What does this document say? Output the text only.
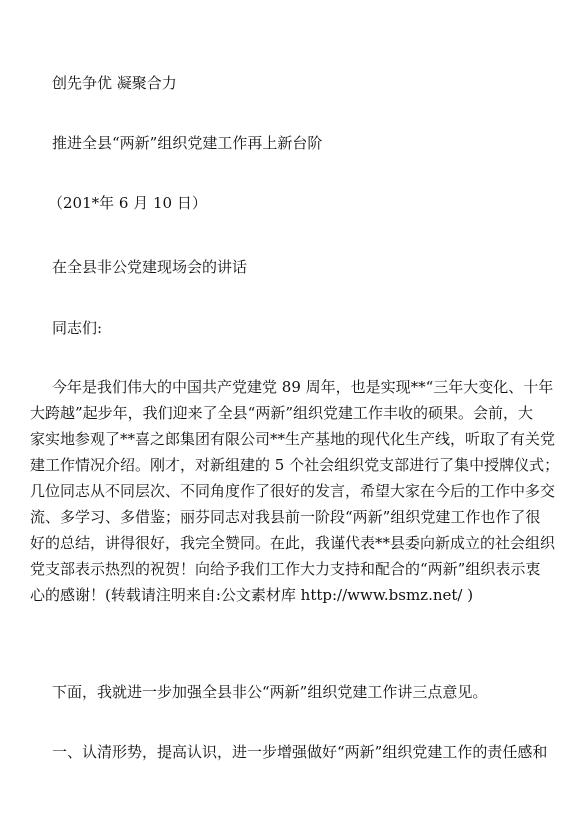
创先争优 凝聚合力
推进全县“两新”组织党建工作再上新台阶
（201*年 6 月 10 日）
在全县非公党建现场会的讲话
同志们:
今年是我们伟大的中国共产党建党 89 周年，也是实现**“三年大变化、十年
大跨越”起步年，我们迎来了全县“两新”组织党建工作丰收的硕果。会前，大
家实地参观了**喜之郎集团有限公司**生产基地的现代化生产线，听取了有关党
建工作情况介绍。刚才，对新组建的 5 个社会组织党支部进行了集中授牌仪式；
几位同志从不同层次、不同角度作了很好的发言，希望大家在今后的工作中多交
流、多学习、多借鉴；丽芬同志对我县前一阶段“两新”组织党建工作也作了很
好的总结，讲得很好，我完全赞同。在此，我谨代表**县委向新成立的社会组织
党支部表示热烈的祝贺！向给予我们工作大力支持和配合的“两新”组织表示衷
心的感谢！(转载请注明来自:公文素材库 http://www.bsmz.net/ )
下面，我就进一步加强全县非公“两新”组织党建工作讲三点意见。
一、认清形势，提高认识，进一步增强做好“两新”组织党建工作的责任感和
